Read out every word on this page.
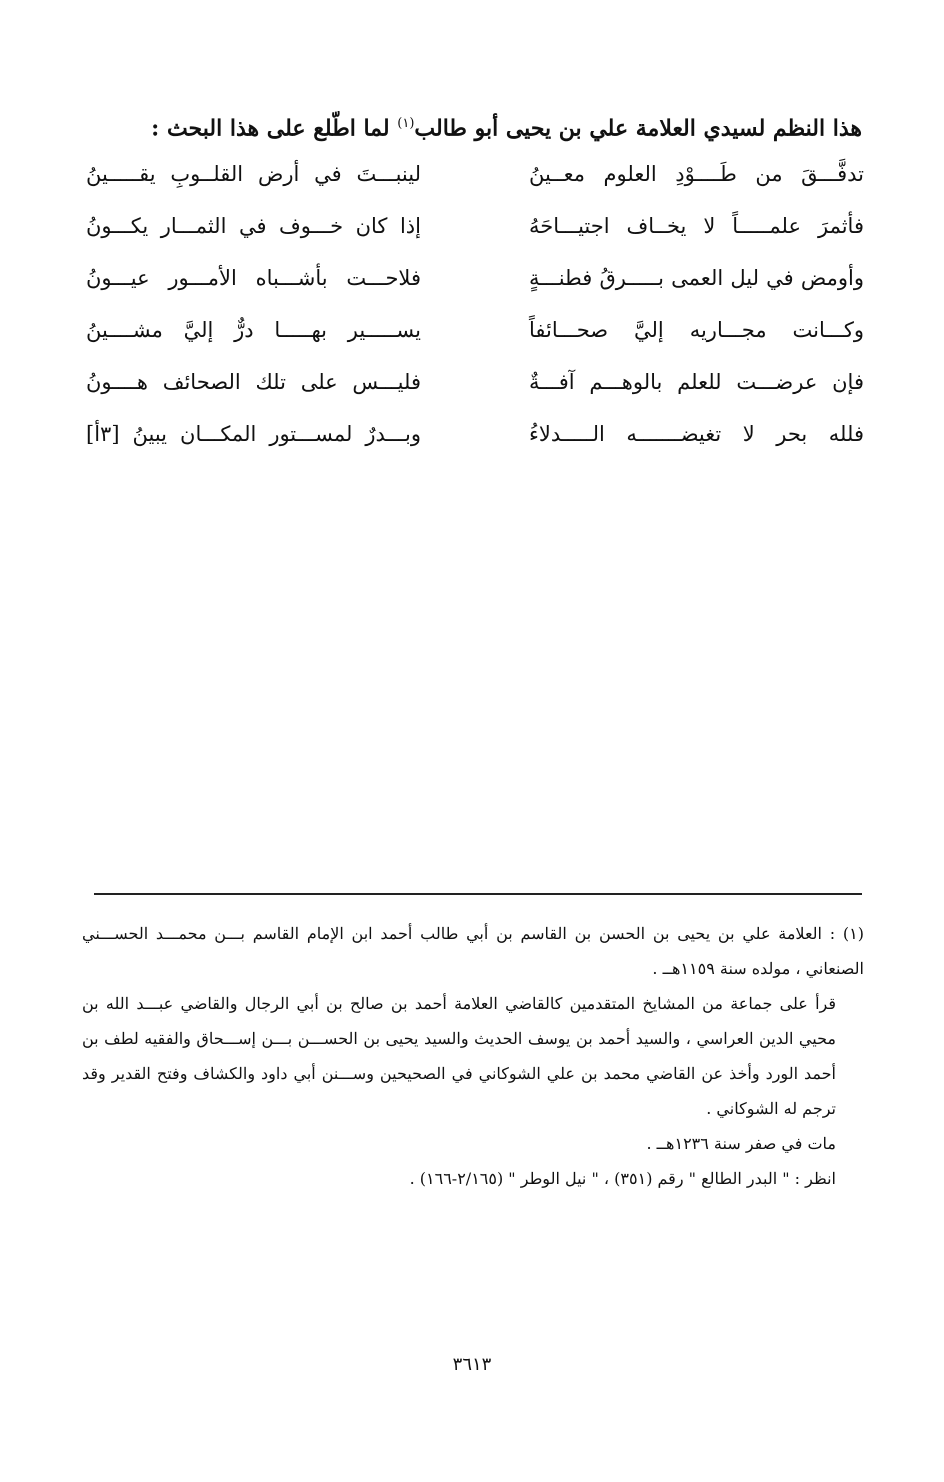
هذا النظم لسيدي العلامة علي بن يحيى أبو طالب$^{(١)}$ لما اطّلع على هذا البحث :
تدفَّـــقَ من طَــــوْدِ العلوم معــينُ
لينبـــتَ في أرض القلــوبِ يقـــــينُ
فأثمرَ علمـــــاً لا يخــاف اجتيـــاحَهُ
إذا كان خـــوف في الثمـــار يكـــونُ
وأومض في ليل العمى بـــــرقُ فطنـــةٍ
فلاحـــت بأشـــباه الأمـــور عيـــونُ
وكـــانت مجـــاريه إليَّ صحـــائفاً
يســـــير بهـــــا درٌّ إليَّ مشــــينُ
فإن عرضـــت للعلم بالوهـــم آفـــةٌ
فليـــس على تلك الصحائف هــــونُ
فلله بحر لا تغيضـــــــه الـــــدلاءُ
وبـــدرٌ لمســـتور المكـــان يبينُ [٣أ]

(١) : العلامة علي بن يحيى بن الحسن بن القاسم بن أبي طالب أحمد ابن الإمام القاسم بـــن محمـــد الحســـني الصنعاني ، مولده سنة ١١٥٩هــ .

قرأ على جماعة من المشايخ المتقدمين كالقاضي العلامة أحمد بن صالح بن أبي الرجال والقاضي عبـــد الله بن محيي الدين العراسي ، والسيد أحمد بن يوسف الحديث والسيد يحيى بن الحســـن بـــن إســـحاق والفقيه لطف بن أحمد الورد وأخذ عن القاضي محمد بن علي الشوكاني في الصحيحين وســـنن أبي داود والكشاف وفتح القدير وقد ترجم له الشوكاني .

مات في صفر سنة ١٢٣٦هــ .

انظر : " البدر الطالع " رقم (٣٥١) ، " نيل الوطر " (٢/١٦٥-١٦٦) .

٣٦١٣
